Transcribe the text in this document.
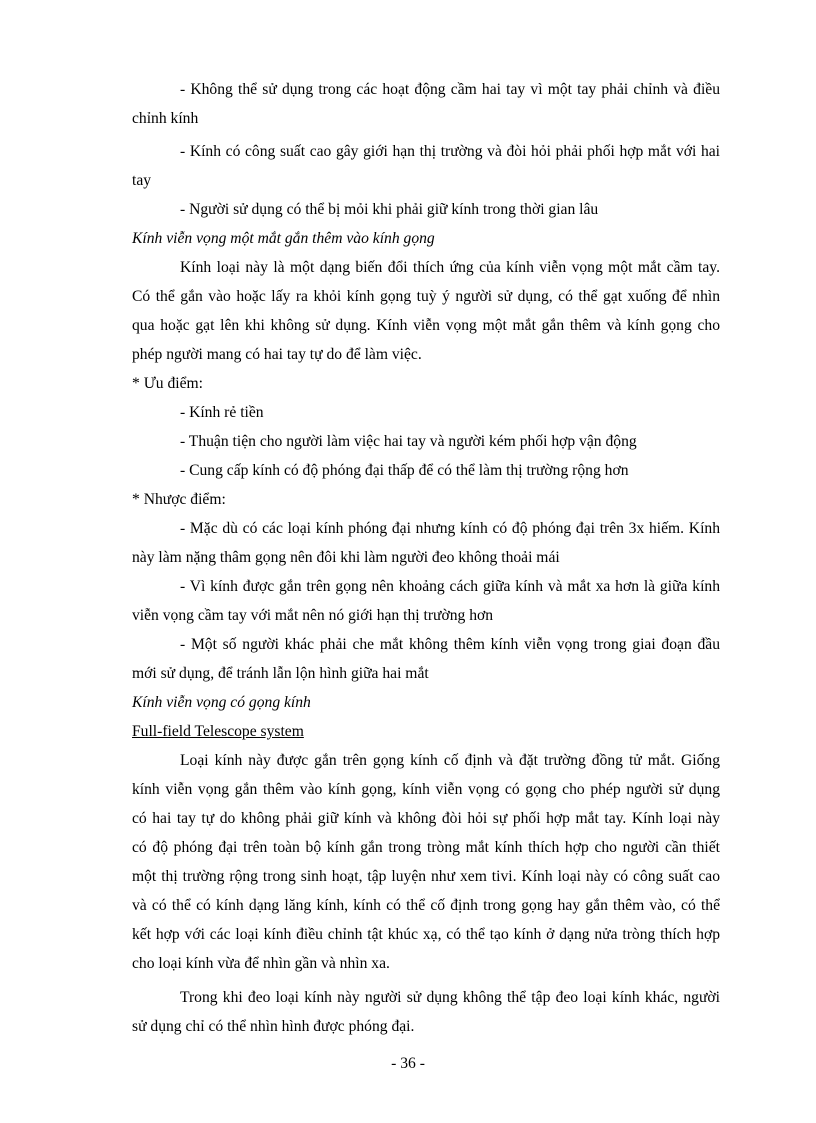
- Không thể sử dụng trong các hoạt động cầm hai tay vì một tay phải chỉnh và điều
chỉnh kính
- Kính có công suất cao gây giới hạn thị trường và đòi hỏi phải phối hợp mắt với hai
tay
- Người sử dụng có thể bị mỏi khi phải giữ kính trong thời gian lâu
Kính viễn vọng một mắt gắn thêm vào kính gọng
Kính loại này là một dạng biến đổi thích ứng của kính viễn vọng một mắt cầm tay.
Có thể gắn vào hoặc lấy ra khỏi kính gọng tuỳ ý người sử dụng, có thể gạt xuống để nhìn
qua hoặc gạt lên khi không sử dụng. Kính viễn vọng một mắt gắn thêm và kính gọng cho
phép người mang có hai tay tự do để làm việc.
* Ưu điểm:
- Kính rẻ tiền
- Thuận tiện cho người làm việc hai tay và người kém phối hợp vận động
- Cung cấp kính có độ phóng đại thấp để có thể làm thị trường rộng hơn
* Nhược điểm:
- Mặc dù có các loại kính phóng đại nhưng kính có độ phóng đại trên 3x hiếm. Kính
này làm nặng thâm gọng nên đôi khi làm người đeo không thoải mái
- Vì kính được gắn trên gọng nên khoảng cách giữa kính và mắt xa hơn là giữa kính
viễn vọng cầm tay với mắt nên nó giới hạn thị trường hơn
- Một số người khác phải che mắt không thêm kính viễn vọng trong giai đoạn đầu
mới sử dụng, để tránh lẫn lộn hình giữa hai mắt
Kính viễn vọng có gọng kính
Full-field Telescope system
Loại kính này được gắn trên gọng kính cố định và đặt trường đồng tử mắt. Giống
kính viễn vọng gắn thêm vào kính gọng, kính viễn vọng có gọng cho phép người sử dụng
có hai tay tự do không phải giữ kính và không đòi hỏi sự phối hợp mắt tay. Kính loại này
có độ phóng đại trên toàn bộ kính gắn trong tròng mắt kính thích hợp cho người cần thiết
một thị trường rộng trong sinh hoạt, tập luyện như xem tivi. Kính loại này có công suất cao
và có thể có kính dạng lăng kính, kính có thể cố định trong gọng hay gắn thêm vào, có thể
kết hợp với các loại kính điều chỉnh tật khúc xạ, có thể tạo kính ở dạng nửa tròng thích hợp
cho loại kính vừa để nhìn gần và nhìn xa.
Trong khi đeo loại kính này người sử dụng không thể tập đeo loại kính khác, người
sử dụng chỉ có thể nhìn hình được phóng đại.
- 36 -
